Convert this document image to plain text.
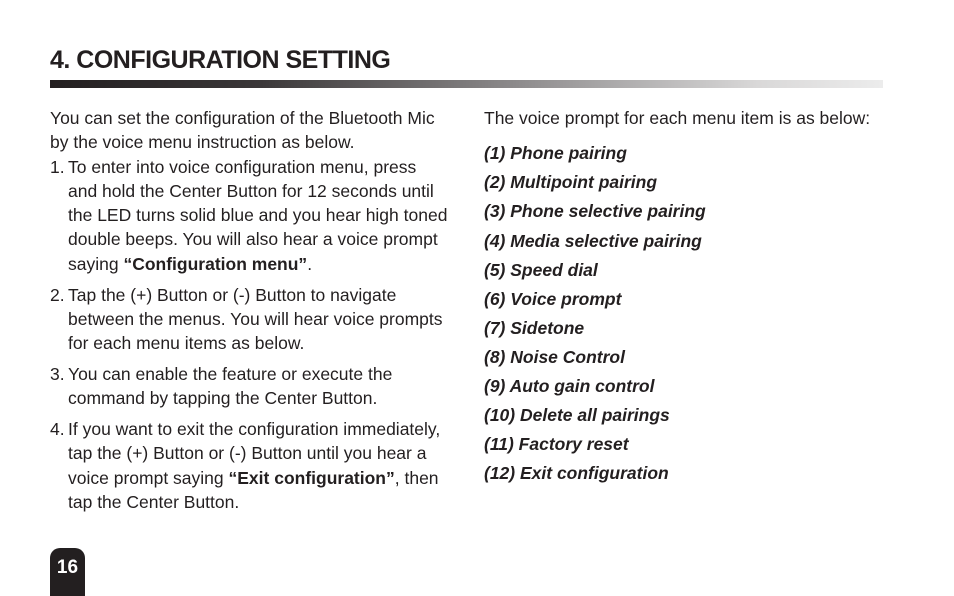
4. CONFIGURATION SETTING

You can set the configuration of the Bluetooth Mic by the voice menu instruction as below.

1. To enter into voice configuration menu, press and hold the Center Button for 12 seconds until the LED turns solid blue and you hear high toned double beeps. You will also hear a voice prompt saying “Configuration menu”.
2. Tap the (+) Button or (-) Button to navigate between the menus. You will hear voice prompts for each menu items as below.
3. You can enable the feature or execute the command by tapping the Center Button.
4. If you want to exit the configuration immediately, tap the (+) Button or (-) Button until you hear a voice prompt saying “Exit configuration”, then tap the Center Button.

The voice prompt for each menu item is as below:

(1) Phone pairing
(2) Multipoint pairing
(3) Phone selective pairing
(4) Media selective pairing
(5) Speed dial
(6) Voice prompt
(7) Sidetone
(8) Noise Control
(9) Auto gain control
(10) Delete all pairings
(11) Factory reset
(12) Exit configuration
16
